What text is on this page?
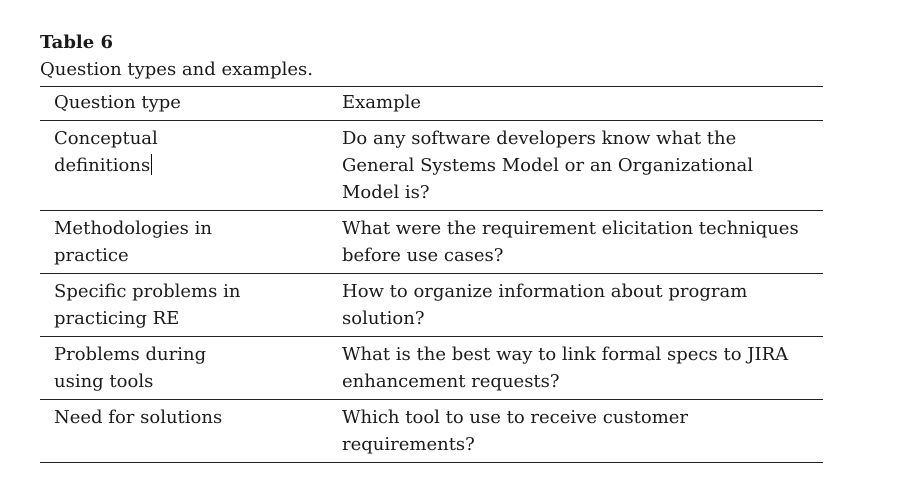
Table 6
Question types and examples.
Question type	Example

Conceptual definitions	Do any software developers know what the General Systems Model or an Organizational Model is?

Methodologies in practice	What were the requirement elicitation techniques before use cases?

Specific problems in practicing RE	How to organize information about program solution?

Problems during using tools	What is the best way to link formal specs to JIRA enhancement requests?

Need for solutions	Which tool to use to receive customer requirements?
